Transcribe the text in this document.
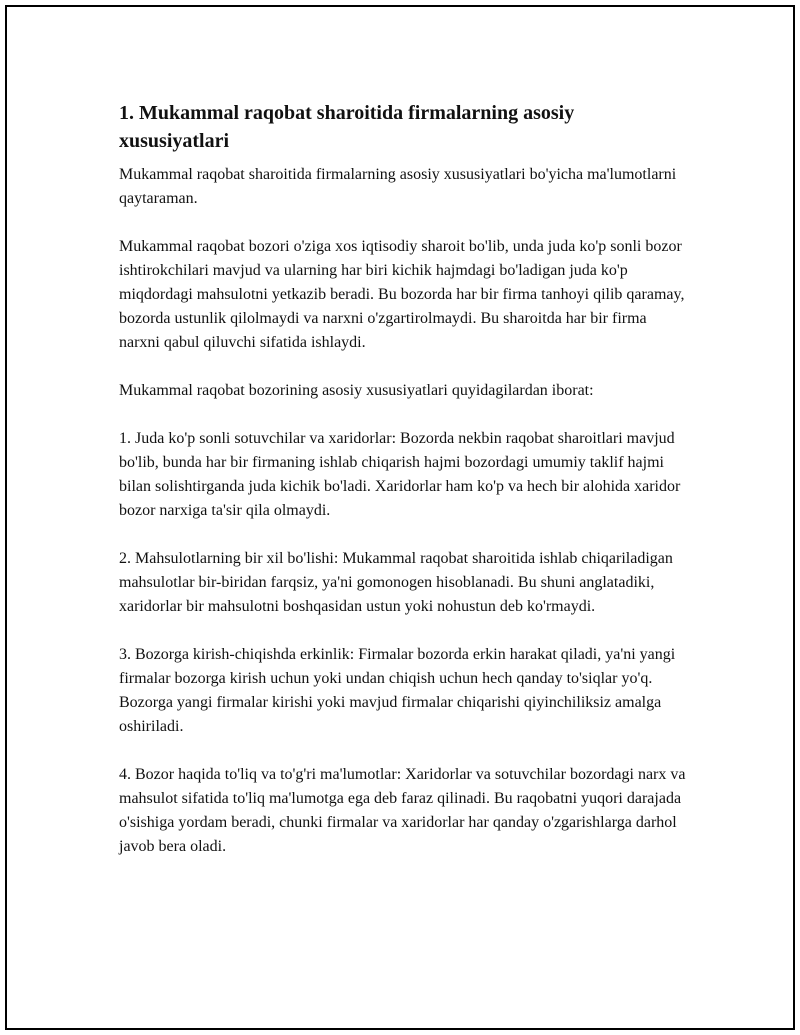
1. Mukammal raqobat sharoitida firmalarning asosiy xususiyatlari

Mukammal raqobat sharoitida firmalarning asosiy xususiyatlari bo'yicha ma'lumotlarni qaytaraman.

Mukammal raqobat bozori o'ziga xos iqtisodiy sharoit bo'lib, unda juda ko'p sonli bozor ishtirokchilari mavjud va ularning har biri kichik hajmdagi bo'ladigan juda ko'p miqdordagi mahsulotni yetkazib beradi. Bu bozorda har bir firma tanhoyi qilib qaramay, bozorda ustunlik qilolmaydi va narxni o'zgartirolmaydi. Bu sharoitda har bir firma narxni qabul qiluvchi sifatida ishlaydi.

Mukammal raqobat bozorining asosiy xususiyatlari quyidagilardan iborat:

1. Juda ko'p sonli sotuvchilar va xaridorlar: Bozorda nekbin raqobat sharoitlari mavjud bo'lib, bunda har bir firmaning ishlab chiqarish hajmi bozordagi umumiy taklif hajmi bilan solishtirganda juda kichik bo'ladi. Xaridorlar ham ko'p va hech bir alohida xaridor bozor narxiga ta'sir qila olmaydi.

2. Mahsulotlarning bir xil bo'lishi: Mukammal raqobat sharoitida ishlab chiqariladigan mahsulotlar bir-biridan farqsiz, ya'ni gomonogen hisoblanadi. Bu shuni anglatadiki, xaridorlar bir mahsulotni boshqasidan ustun yoki nohustun deb ko'rmaydi.

3. Bozorga kirish-chiqishda erkinlik: Firmalar bozorda erkin harakat qiladi, ya'ni yangi firmalar bozorga kirish uchun yoki undan chiqish uchun hech qanday to'siqlar yo'q. Bozorga yangi firmalar kirishi yoki mavjud firmalar chiqarishi qiyinchiliksiz amalga oshiriladi.

4. Bozor haqida to'liq va to'g'ri ma'lumotlar: Xaridorlar va sotuvchilar bozordagi narx va mahsulot sifatida to'liq ma'lumotga ega deb faraz qilinadi. Bu raqobatni yuqori darajada o'sishiga yordam beradi, chunki firmalar va xaridorlar har qanday o'zgarishlarga darhol javob bera oladi.
